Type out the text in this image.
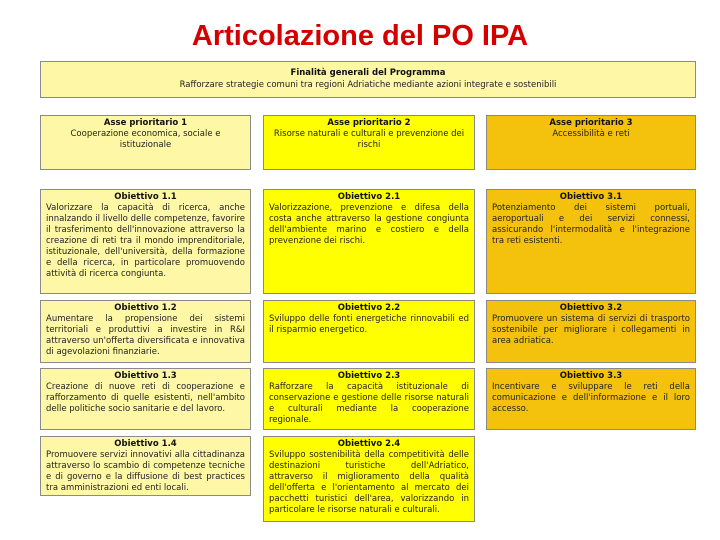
Articolazione del PO IPA
Finalità generali del Programma
Rafforzare strategie comuni tra regioni Adriatiche mediante azioni integrate e sostenibili
Asse prioritario 1
Cooperazione economica, sociale e istituzionale
Asse prioritario 2
Risorse naturali e culturali e prevenzione dei rischi
Asse prioritario 3
Accessibilità e reti
Obiettivo 1.1
Valorizzare la capacità di ricerca, anche innalzando il livello delle competenze, favorire il trasferimento dell'innovazione attraverso la creazione di reti tra il mondo imprenditoriale, istituzionale, dell'università, della formazione e della ricerca, in particolare promuovendo attività di ricerca congiunta.
Obiettivo 1.2
Aumentare la propensione dei sistemi territoriali e produttivi a investire in R&I attraverso un'offerta diversificata e innovativa di agevolazioni finanziarie.
Obiettivo 1.3
Creazione di nuove reti di cooperazione e rafforzamento di quelle esistenti, nell'ambito delle politiche socio sanitarie e del lavoro.
Obiettivo 1.4
Promuovere servizi innovativi alla cittadinanza attraverso lo scambio di competenze tecniche e di governo e la diffusione di best practices tra amministrazioni ed enti locali.
Obiettivo 2.1
Valorizzazione, prevenzione e difesa della costa anche attraverso la gestione congiunta dell'ambiente marino e costiero e della prevenzione dei rischi.
Obiettivo 2.2
Sviluppo delle fonti energetiche rinnovabili ed il risparmio energetico.
Obiettivo 2.3
Rafforzare la capacità istituzionale di conservazione e gestione delle risorse naturali e culturali mediante la cooperazione regionale.
Obiettivo 2.4
Sviluppo sostenibilità della competitività delle destinazioni turistiche dell'Adriatico, attraverso il miglioramento della qualità dell'offerta e l'orientamento al mercato dei pacchetti turistici dell'area, valorizzando in particolare le risorse naturali e culturali.
Obiettivo 3.1
Potenziamento dei sistemi portuali, aeroportuali e dei servizi connessi, assicurando l'intermodalità e l'integrazione tra reti esistenti.
Obiettivo 3.2
Promuovere un sistema di servizi di trasporto sostenibile per migliorare i collegamenti in area adriatica.
Obiettivo 3.3
Incentivare e sviluppare le reti della comunicazione e dell'informazione e il loro accesso.
